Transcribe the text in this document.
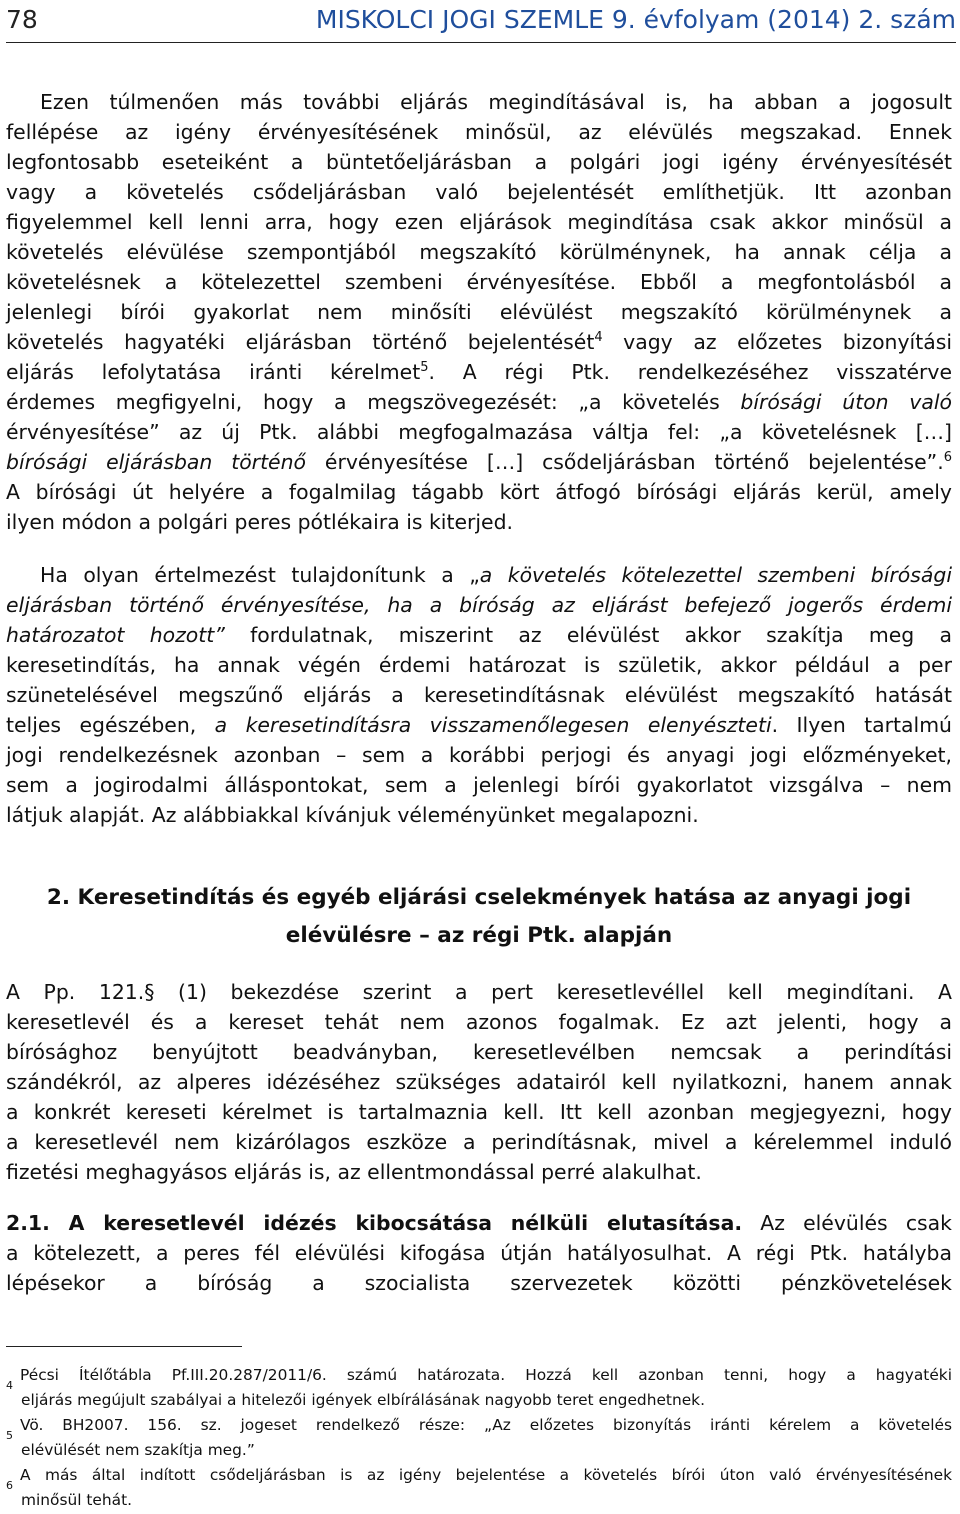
78	MISKOLCI JOGI SZEMLE 9. évfolyam (2014) 2. szám
Ezen túlmenően más további eljárás megindításával is, ha abban a jogosult
fellépése az igény érvényesítésének minősül, az elévülés megszakad. Ennek
legfontosabb eseteiként a büntetőeljárásban a polgári jogi igény érvényesítését
vagy a követelés csődeljárásban való bejelentését említhetjük. Itt azonban
figyelemmel kell lenni arra, hogy ezen eljárások megindítása csak akkor minősül a
követelés elévülése szempontjából megszakító körülménynek, ha annak célja a
követelésnek a kötelezettel szembeni érvényesítése. Ebből a megfontolásból a
jelenlegi bírói gyakorlat nem minősíti elévülést megszakító körülménynek a
követelés hagyatéki eljárásban történő bejelentését$^4$ vagy az előzetes bizonyítási
eljárás lefolytatása iránti kérelmet$^5$. A régi Ptk. rendelkezéséhez visszatérve
érdemes megfigyelni, hogy a megszövegezését: „a követelés bírósági úton való
érvényesítése” az új Ptk. alábbi megfogalmazása váltja fel: „a követelésnek […]
bírósági eljárásban történő érvényesítése […] csődeljárásban történő bejelentése”.$^6$
A bírósági út helyére a fogalmilag tágabb kört átfogó bírósági eljárás kerül, amely
ilyen módon a polgári peres pótlékaira is kiterjed.
Ha olyan értelmezést tulajdonítunk a „a követelés kötelezettel szembeni bírósági
eljárásban történő érvényesítése, ha a bíróság az eljárást befejező jogerős érdemi
határozatot hozott” fordulatnak, miszerint az elévülést akkor szakítja meg a
keresetindítás, ha annak végén érdemi határozat is születik, akkor például a per
szünetelésével megszűnő eljárás a keresetindításnak elévülést megszakító hatását
teljes egészében, a keresetindításra visszamenőlegesen elenyészteti. Ilyen tartalmú
jogi rendelkezésnek azonban – sem a korábbi perjogi és anyagi jogi előzményeket,
sem a jogirodalmi álláspontokat, sem a jelenlegi bírói gyakorlatot vizsgálva – nem
látjuk alapját. Az alábbiakkal kívánjuk véleményünket megalapozni.
2. Keresetindítás és egyéb eljárási cselekmények hatása az anyagi jogi
elévülésre – az régi Ptk. alapján
A Pp. 121.§ (1) bekezdése szerint a pert keresetlevéllel kell megindítani. A
keresetlevél és a kereset tehát nem azonos fogalmak. Ez azt jelenti, hogy a
bírósághoz benyújtott beadványban, keresetlevélben nemcsak a perindítási
szándékról, az alperes idézéséhez szükséges adatairól kell nyilatkozni, hanem annak
a konkrét kereseti kérelmet is tartalmaznia kell. Itt kell azonban megjegyezni, hogy
a keresetlevél nem kizárólagos eszköze a perindításnak, mivel a kérelemmel induló
fizetési meghagyásos eljárás is, az ellentmondással perré alakulhat.
2.1. A keresetlevél idézés kibocsátása nélküli elutasítása. Az elévülés csak
a kötelezett, a peres fél elévülési kifogása útján hatályosulhat. A régi Ptk. hatályba
lépésekor a bíróság a szocialista szervezetek közötti pénzkövetelések
4
Pécsi Ítélőtábla Pf.III.20.287/2011/6. számú határozata. Hozzá kell azonban tenni, hogy a hagyatéki
eljárás megújult szabályai a hitelezői igények elbírálásának nagyobb teret engedhetnek.
5
Vö. BH2007. 156. sz. jogeset rendelkező része: „Az előzetes bizonyítás iránti kérelem a követelés
elévülését nem szakítja meg.”
6
A más által indított csődeljárásban is az igény bejelentése a követelés bírói úton való érvényesítésének
minősül tehát.
